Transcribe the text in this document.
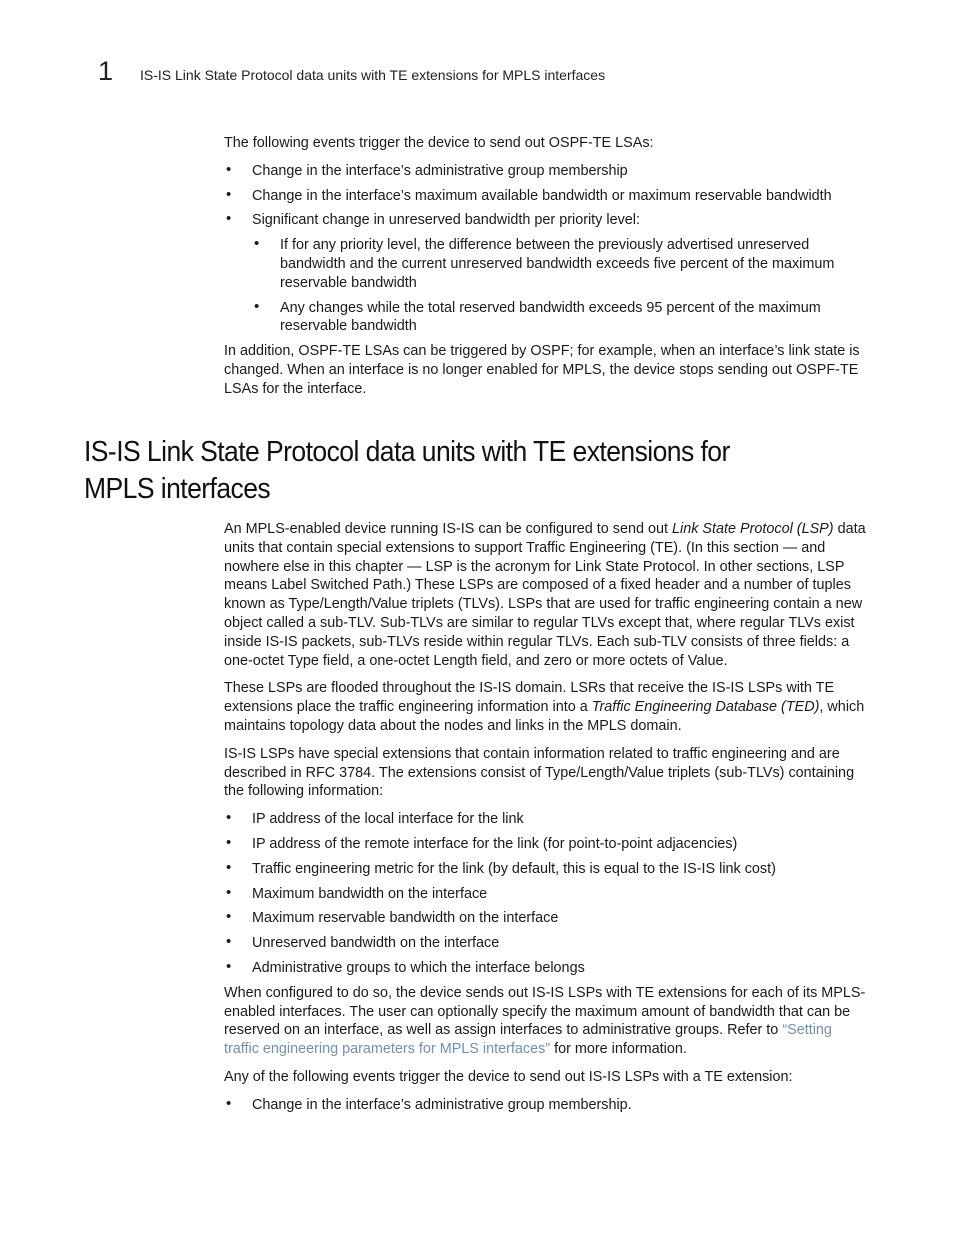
1 IS-IS Link State Protocol data units with TE extensions for MPLS interfaces

The following events trigger the device to send out OSPF-TE LSAs:

• Change in the interface’s administrative group membership
• Change in the interface’s maximum available bandwidth or maximum reservable bandwidth
• Significant change in unreserved bandwidth per priority level:
• If for any priority level, the difference between the previously advertised unreserved bandwidth and the current unreserved bandwidth exceeds five percent of the maximum reservable bandwidth
• Any changes while the total reserved bandwidth exceeds 95 percent of the maximum reservable bandwidth

In addition, OSPF-TE LSAs can be triggered by OSPF; for example, when an interface’s link state is changed. When an interface is no longer enabled for MPLS, the device stops sending out OSPF-TE LSAs for the interface.

IS-IS Link State Protocol data units with TE extensions for
MPLS interfaces

An MPLS-enabled device running IS-IS can be configured to send out Link State Protocol (LSP) data units that contain special extensions to support Traffic Engineering (TE). (In this section — and nowhere else in this chapter — LSP is the acronym for Link State Protocol. In other sections, LSP means Label Switched Path.) These LSPs are composed of a fixed header and a number of tuples known as Type/Length/Value triplets (TLVs). LSPs that are used for traffic engineering contain a new object called a sub-TLV. Sub-TLVs are similar to regular TLVs except that, where regular TLVs exist inside IS-IS packets, sub-TLVs reside within regular TLVs. Each sub-TLV consists of three fields: a one-octet Type field, a one-octet Length field, and zero or more octets of Value.

These LSPs are flooded throughout the IS-IS domain. LSRs that receive the IS-IS LSPs with TE extensions place the traffic engineering information into a Traffic Engineering Database (TED), which maintains topology data about the nodes and links in the MPLS domain.

IS-IS LSPs have special extensions that contain information related to traffic engineering and are described in RFC 3784. The extensions consist of Type/Length/Value triplets (sub-TLVs) containing the following information:

• IP address of the local interface for the link
• IP address of the remote interface for the link (for point-to-point adjacencies)
• Traffic engineering metric for the link (by default, this is equal to the IS-IS link cost)
• Maximum bandwidth on the interface
• Maximum reservable bandwidth on the interface
• Unreserved bandwidth on the interface
• Administrative groups to which the interface belongs

When configured to do so, the device sends out IS-IS LSPs with TE extensions for each of its MPLS-enabled interfaces. The user can optionally specify the maximum amount of bandwidth that can be reserved on an interface, as well as assign interfaces to administrative groups. Refer to “Setting traffic engineering parameters for MPLS interfaces” for more information.

Any of the following events trigger the device to send out IS-IS LSPs with a TE extension:

• Change in the interface’s administrative group membership.
